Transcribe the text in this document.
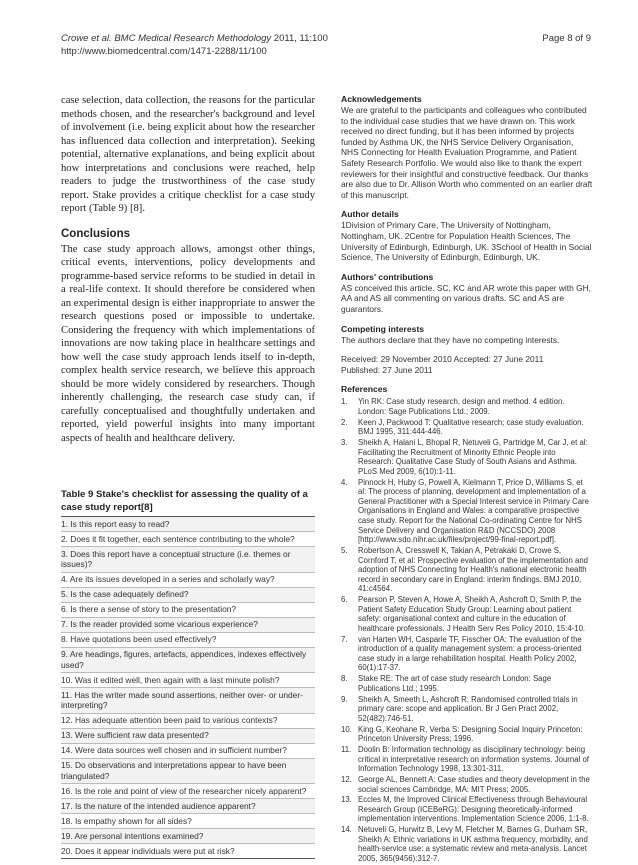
Crowe et al. BMC Medical Research Methodology 2011, 11:100
http://www.biomedcentral.com/1471-2288/11/100
Page 8 of 9

case selection, data collection, the reasons for the particular methods chosen, and the researcher's background and level of involvement (i.e. being explicit about how the researcher has influenced data collection and interpretation). Seeking potential, alternative explanations, and being explicit about how interpretations and conclusions were reached, help readers to judge the trustworthiness of the case study report. Stake provides a critique checklist for a case study report (Table 9) [8].

Conclusions

The case study approach allows, amongst other things, critical events, interventions, policy developments and programme-based service reforms to be studied in detail in a real-life context. It should therefore be considered when an experimental design is either inappropriate to answer the research questions posed or impossible to undertake. Considering the frequency with which implementations of innovations are now taking place in healthcare settings and how well the case study approach lends itself to in-depth, complex health service research, we believe this approach should be more widely considered by researchers. Though inherently challenging, the research case study can, if carefully conceptualised and thoughtfully undertaken and reported, yield powerful insights into many important aspects of health and healthcare delivery.

Table 9 Stake's checklist for assessing the quality of a case study report[8]
1. Is this report easy to read?
2. Does it fit together, each sentence contributing to the whole?
3. Does this report have a conceptual structure (i.e. themes or issues)?
4. Are its issues developed in a series and scholarly way?
5. Is the case adequately defined?
6. Is there a sense of story to the presentation?
7. Is the reader provided some vicarious experience?
8. Have quotations been used effectively?
9. Are headings, figures, artefacts, appendices, indexes effectively used?
10. Was it edited well, then again with a last minute polish?
11. Has the writer made sound assertions, neither over- or under-interpreting?
12. Has adequate attention been paid to various contexts?
13. Were sufficient raw data presented?
14. Were data sources well chosen and in sufficient number?
15. Do observations and interpretations appear to have been triangulated?
16. Is the role and point of view of the researcher nicely apparent?
17. Is the nature of the intended audience apparent?
18. Is empathy shown for all sides?
19. Are personal intentions examined?
20. Does it appear individuals were put at risk?
Acknowledgements

We are grateful to the participants and colleagues who contributed to the individual case studies that we have drawn on. This work received no direct funding, but it has been informed by projects funded by Asthma UK, the NHS Service Delivery Organisation, NHS Connecting for Health Evaluation Programme, and Patient Safety Research Portfolio. We would also like to thank the expert reviewers for their insightful and constructive feedback. Our thanks are also due to Dr. Allison Worth who commented on an earlier draft of this manuscript.

Author details

1Division of Primary Care, The University of Nottingham, Nottingham, UK. 2Centre for Population Health Sciences, The University of Edinburgh, Edinburgh, UK. 3School of Health in Social Science, The University of Edinburgh, Edinburgh, UK.

Authors' contributions

AS conceived this article. SC, KC and AR wrote this paper with GH, AA and AS all commenting on various drafts. SC and AS are guarantors.

Competing interests

The authors declare that they have no competing interests.

Received: 29 November 2010 Accepted: 27 June 2011

Published: 27 June 2011

References
1. Yin RK: Case study research, design and method. 4 edition. London: Sage Publications Ltd.; 2009.
2. Keen J, Packwood T: Qualitative research; case study evaluation. BMJ 1995, 311:444-446.
3. Sheikh A, Halani L, Bhopal R, Netuveli G, Partridge M, Car J, et al: Facilitating the Recruitment of Minority Ethnic People into Research: Qualitative Case Study of South Asians and Asthma. PLoS Med 2009, 6(10):1-11.
4. Pinnock H, Huby G, Powell A, Kielmann T, Price D, Williams S, et al: The process of planning, development and implementation of a General Practitioner with a Special Interest service in Primary Care Organisations in England and Wales: a comparative prospective case study. Report for the National Co-ordinating Centre for NHS Service Delivery and Organisation R&D (NCCSDO) 2008 [http://www.sdo.nihr.ac.uk/files/project/99-final-report.pdf].
5. Robertson A, Cresswell K, Takian A, Petrakaki D, Crowe S, Cornford T, et al: Prospective evaluation of the implementation and adoption of NHS Connecting for Health's national electronic health record in secondary care in England: interim findings. BMJ 2010, 41:c4564.
6. Pearson P, Steven A, Howe A, Sheikh A, Ashcroft D, Smith P, the Patient Safety Education Study Group: Learning about patient safety: organisational context and culture in the education of healthcare professionals. J Health Serv Res Policy 2010, 15:4-10.
7. van Harten WH, Casparie TF, Fisscher OA: The evaluation of the introduction of a quality management system: a process-oriented case study in a large rehabilitation hospital. Health Policy 2002, 60(1):17-37.
8. Stake RE: The art of case study research London: Sage Publications Ltd.; 1995.
9. Sheikh A, Smeeth L, Ashcroft R: Randomised controlled trials in primary care: scope and application. Br J Gen Pract 2002, 52(482):746-51.
10. King G, Keohane R, Verba S: Designing Social Inquiry Princeton: Princeton University Press; 1996.
11. Doolin B: Information technology as disciplinary technology: being critical in interpretative research on information systems. Journal of Information Technology 1998, 13:301-311.
12. George AL, Bennett A: Case studies and theory development in the social sciences Cambridge, MA: MIT Press; 2005.
13. Eccles M, the Improved Clinical Effectiveness through Behavioural Research Group (ICEBeRG): Designing theoretically-informed implementation interventions. Implementation Science 2006, 1:1-8.
14. Netuveli G, Hurwitz B, Levy M, Fletcher M, Barnes G, Durham SR, Sheikh A: Ethnic variations in UK asthma frequency, morbidity, and health-service use: a systematic review and meta-analysis. Lancet 2005, 365(9456):312-7.
